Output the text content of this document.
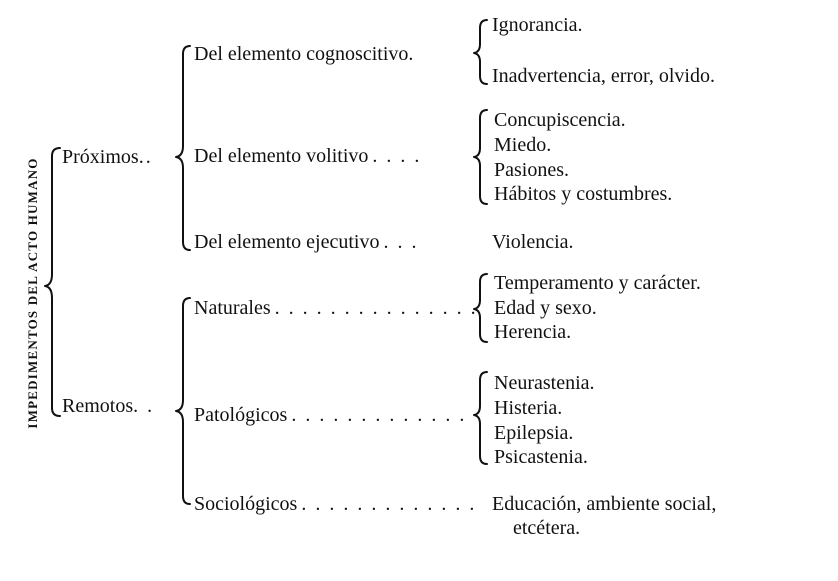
IMPEDIMENTOS DEL ACTO HUMANO
Próximos..
Remotos. .
Del elemento cognoscitivo.
Del elemento volitivo . . . .
Del elemento ejecutivo . . .
Naturales . . . . . . . . . . . . . . .
Patológicos . . . . . . . . . . . . .
Sociológicos . . . . . . . . . . . . .
Ignorancia.
Inadvertencia, error, olvido.
Concupiscencia.
Miedo.
Pasiones.
Hábitos y costumbres.
Violencia.
Temperamento y carácter.
Edad y sexo.
Herencia.
Neurastenia.
Histeria.
Epilepsia.
Psicastenia.
Educación, ambiente social,
etcétera.
